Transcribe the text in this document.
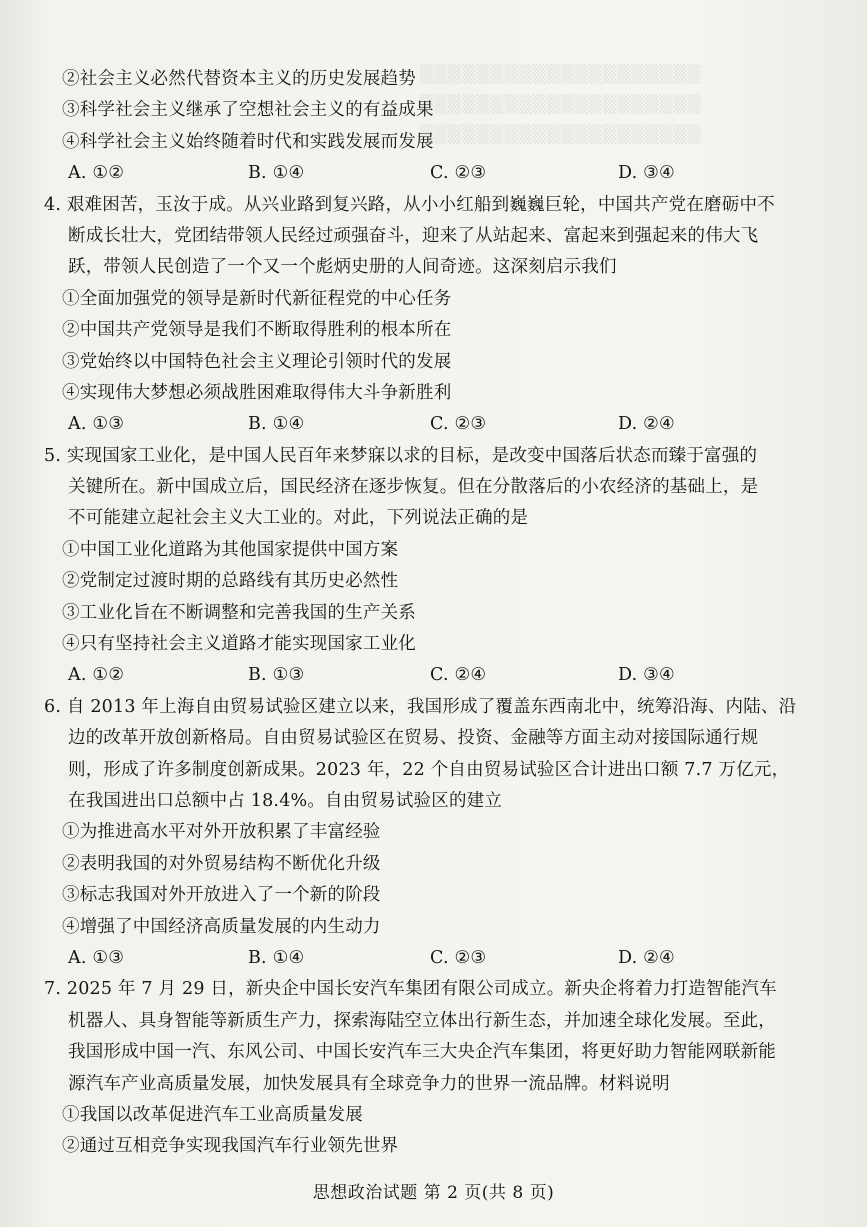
▒▒▒▒▒▒▒▒▒▒▒▒▒▒▒▒▒▒▒▒
▒▒▒▒▒▒▒▒▒▒▒▒▒▒▒▒▒▒▒▒
▒▒▒▒▒▒▒▒▒▒▒▒▒▒▒▒▒▒▒▒
②社会主义必然代替资本主义的历史发展趋势
③科学社会主义继承了空想社会主义的有益成果
④科学社会主义始终随着时代和实践发展而发展
A. ①②	B. ①④	C. ②③	D. ③④
4. 艰难困苦，玉汝于成。从兴业路到复兴路，从小小红船到巍巍巨轮，中国共产党在磨砺中不
断成长壮大，党团结带领人民经过顽强奋斗，迎来了从站起来、富起来到强起来的伟大飞
跃，带领人民创造了一个又一个彪炳史册的人间奇迹。这深刻启示我们
①全面加强党的领导是新时代新征程党的中心任务
②中国共产党领导是我们不断取得胜利的根本所在
③党始终以中国特色社会主义理论引领时代的发展
④实现伟大梦想必须战胜困难取得伟大斗争新胜利
A. ①③	B. ①④	C. ②③	D. ②④
5. 实现国家工业化，是中国人民百年来梦寐以求的目标，是改变中国落后状态而臻于富强的
关键所在。新中国成立后，国民经济在逐步恢复。但在分散落后的小农经济的基础上，是
不可能建立起社会主义大工业的。对此，下列说法正确的是
①中国工业化道路为其他国家提供中国方案
②党制定过渡时期的总路线有其历史必然性
③工业化旨在不断调整和完善我国的生产关系
④只有坚持社会主义道路才能实现国家工业化
A. ①②	B. ①③	C. ②④	D. ③④
6. 自 2013 年上海自由贸易试验区建立以来，我国形成了覆盖东西南北中，统筹沿海、内陆、沿
边的改革开放创新格局。自由贸易试验区在贸易、投资、金融等方面主动对接国际通行规
则，形成了许多制度创新成果。2023 年，22 个自由贸易试验区合计进出口额 7.7 万亿元，
在我国进出口总额中占 18.4%。自由贸易试验区的建立
①为推进高水平对外开放积累了丰富经验
②表明我国的对外贸易结构不断优化升级
③标志我国对外开放进入了一个新的阶段
④增强了中国经济高质量发展的内生动力
A. ①③	B. ①④	C. ②③	D. ②④
7. 2025 年 7 月 29 日，新央企中国长安汽车集团有限公司成立。新央企将着力打造智能汽车
机器人、具身智能等新质生产力，探索海陆空立体出行新生态，并加速全球化发展。至此，
我国形成中国一汽、东风公司、中国长安汽车三大央企汽车集团，将更好助力智能网联新能
源汽车产业高质量发展，加快发展具有全球竞争力的世界一流品牌。材料说明
①我国以改革促进汽车工业高质量发展
②通过互相竞争实现我国汽车行业领先世界
思想政治试题 第 2 页(共 8 页)
